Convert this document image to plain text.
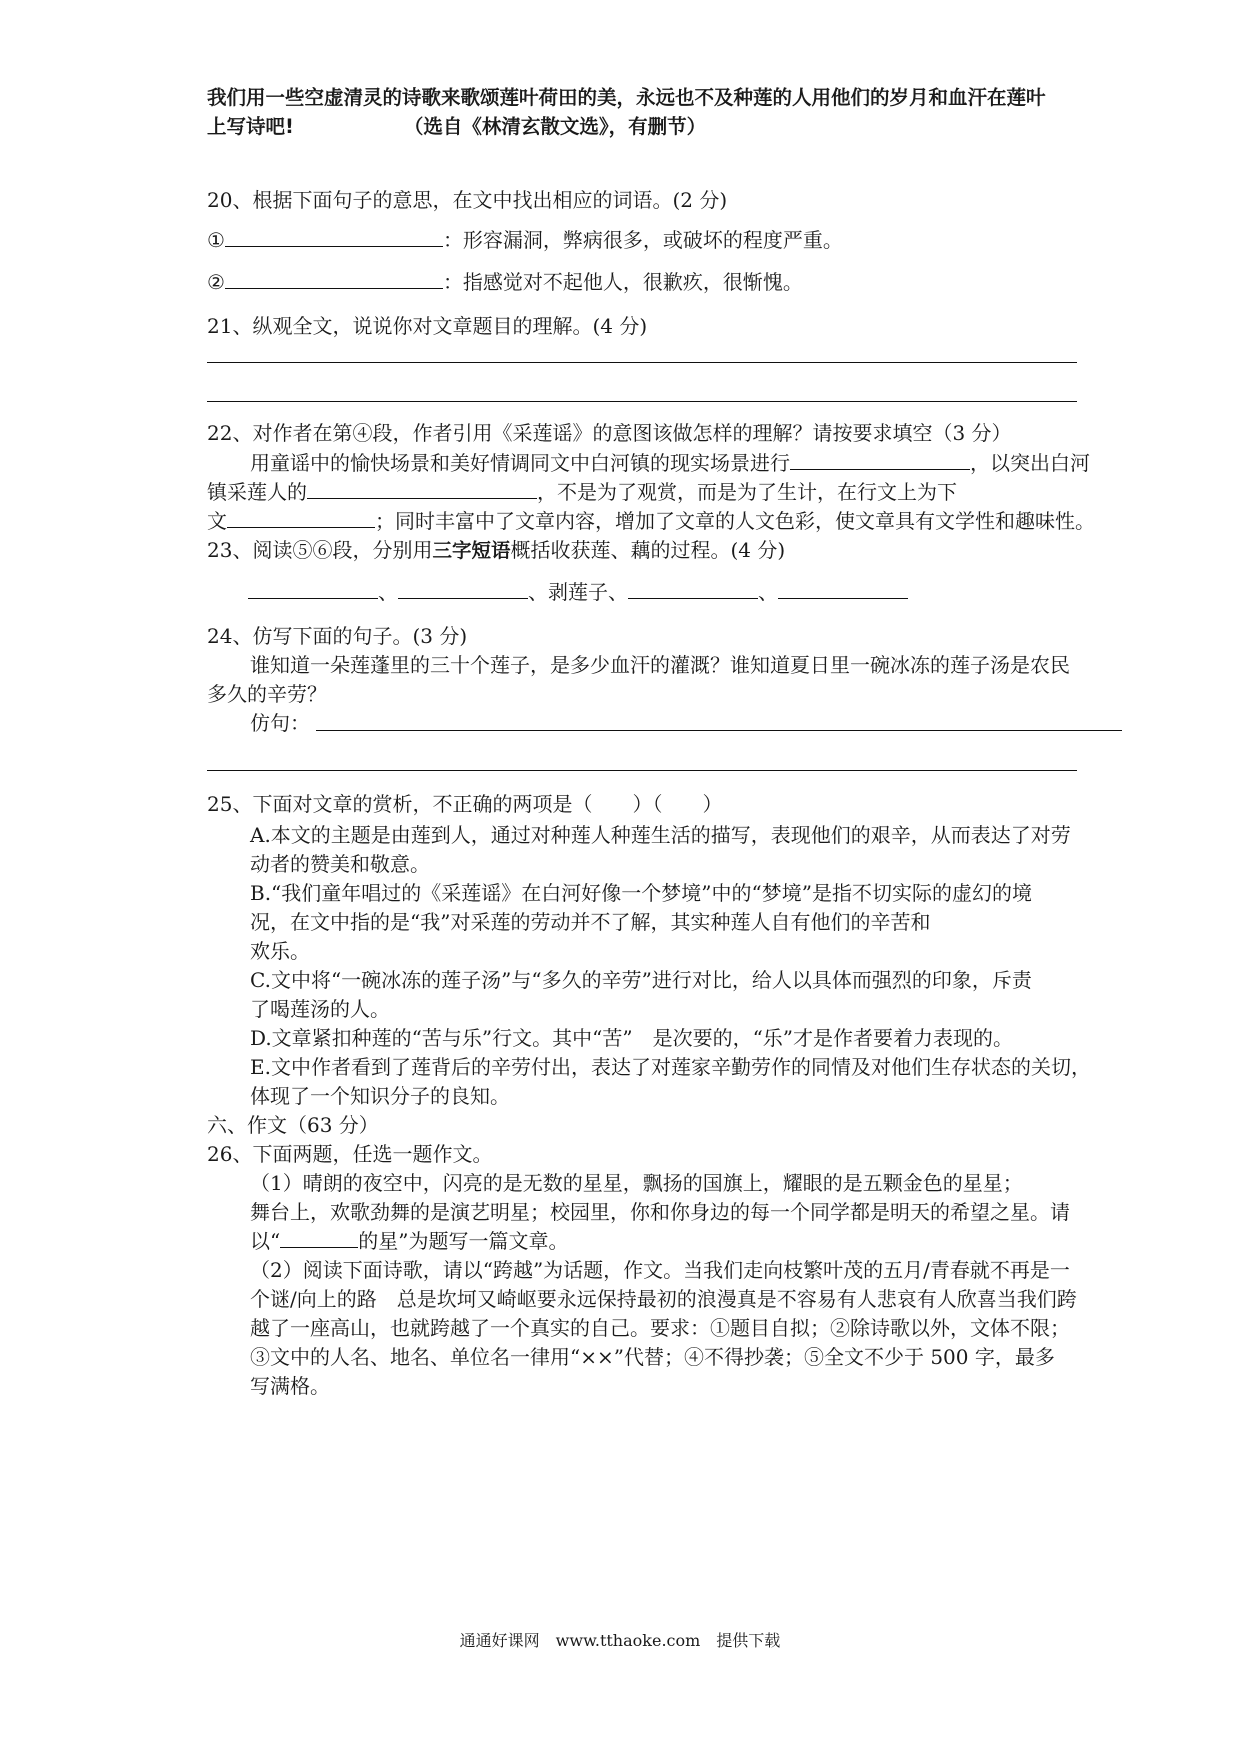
我们用一些空虚清灵的诗歌来歌颂莲叶荷田的美，永远也不及种莲的人用他们的岁月和血汗在莲叶
上写诗吧!	（选自《林清玄散文选》，有删节）
20、根据下面句子的意思，在文中找出相应的词语。(2 分)
①	：形容漏洞，弊病很多，或破坏的程度严重。
②	：指感觉对不起他人，很歉疚，很惭愧。
21、纵观全文，说说你对文章题目的理解。(4 分)
22、对作者在第④段，作者引用《采莲谣》的意图该做怎样的理解？请按要求填空（3 分）
用童谣中的愉快场景和美好情调同文中白河镇的现实场景进行	，以突出白河
镇采莲人的	，不是为了观赏，而是为了生计，在行文上为下
文	；同时丰富中了文章内容，增加了文章的人文色彩，使文章具有文学性和趣味性。
23、阅读⑤⑥段，分别用三字短语概括收获莲、藕的过程。(4 分)
、	、剥莲子、	、
24、仿写下面的句子。(3 分)
谁知道一朵莲蓬里的三十个莲子，是多少血汗的灌溉？谁知道夏日里一碗冰冻的莲子汤是农民
多久的辛劳？
仿句：
25、下面对文章的赏析，不正确的两项是（　　）（　　）
A.本文的主题是由莲到人，通过对种莲人种莲生活的描写，表现他们的艰辛，从而表达了对劳
动者的赞美和敬意。
B.“我们童年唱过的《采莲谣》在白河好像一个梦境”中的“梦境”是指不切实际的虚幻的境
况，在文中指的是“我”对采莲的劳动并不了解，其实种莲人自有他们的辛苦和
欢乐。
C.文中将“一碗冰冻的莲子汤”与“多久的辛劳”进行对比，给人以具体而强烈的印象，斥责
了喝莲汤的人。
D.文章紧扣种莲的“苦与乐”行文。其中“苦”　是次要的，“乐”才是作者要着力表现的。
E.文中作者看到了莲背后的辛劳付出，表达了对莲家辛勤劳作的同情及对他们生存状态的关切，
体现了一个知识分子的良知。
六、作文（63 分）
26、下面两题，任选一题作文。
（1）晴朗的夜空中，闪亮的是无数的星星，飘扬的国旗上，耀眼的是五颗金色的星星；
舞台上，欢歌劲舞的是演艺明星；校园里，你和你身边的每一个同学都是明天的希望之星。请
以“	的星”为题写一篇文章。
（2）阅读下面诗歌，请以“跨越”为话题，作文。当我们走向枝繁叶茂的五月/青春就不再是一
个谜/向上的路　总是坎坷又崎岖要永远保持最初的浪漫真是不容易有人悲哀有人欣喜当我们跨
越了一座高山，也就跨越了一个真实的自己。要求：①题目自拟；②除诗歌以外，文体不限；
③文中的人名、地名、单位名一律用“××”代替；④不得抄袭；⑤全文不少于 500 字，最多
写满格。
通通好课网　www.tthaoke.com　提供下载
